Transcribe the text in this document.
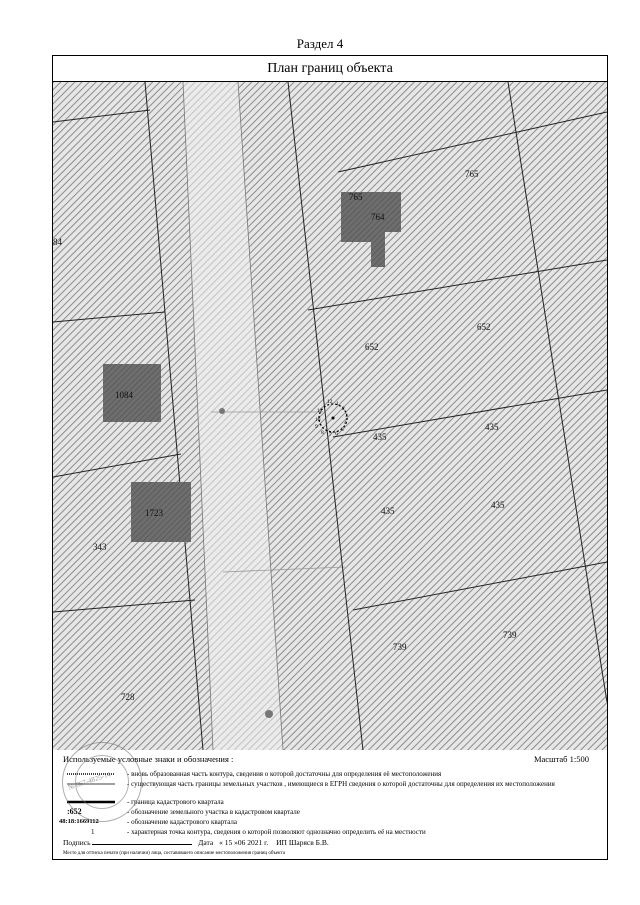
Раздел 4
План границ объекта
765
765
764
652
652
435
435
435
435
739
739
1084
1723
343
728
84
12 1
2
3
4
5
6
7
8
9
10
11
Используемые условные знаки и обозначения :	Масштаб 1:500
- вновь образованная часть контура, сведения о которой достаточны для определения её местоположения
- существующая часть границы земельных участков , имеющиеся в ЕГРН сведения о которой достаточны для определения их местоположения
- граница кадастрового квартала
:652	- обозначение земельного участка в кадастровом квартале
48:18:1669112	- обозначение кадастрового квартала
1	- характерная точка контура, сведения о которой позволяют однозначно определить её на местности
Подпись	Дата « 15 »06 2021 г. ИП Шарясв Б.В.
Место для оттиска печати (при наличии) лица, составившего описание местоположения границ объекта
№ 867-4825-14
